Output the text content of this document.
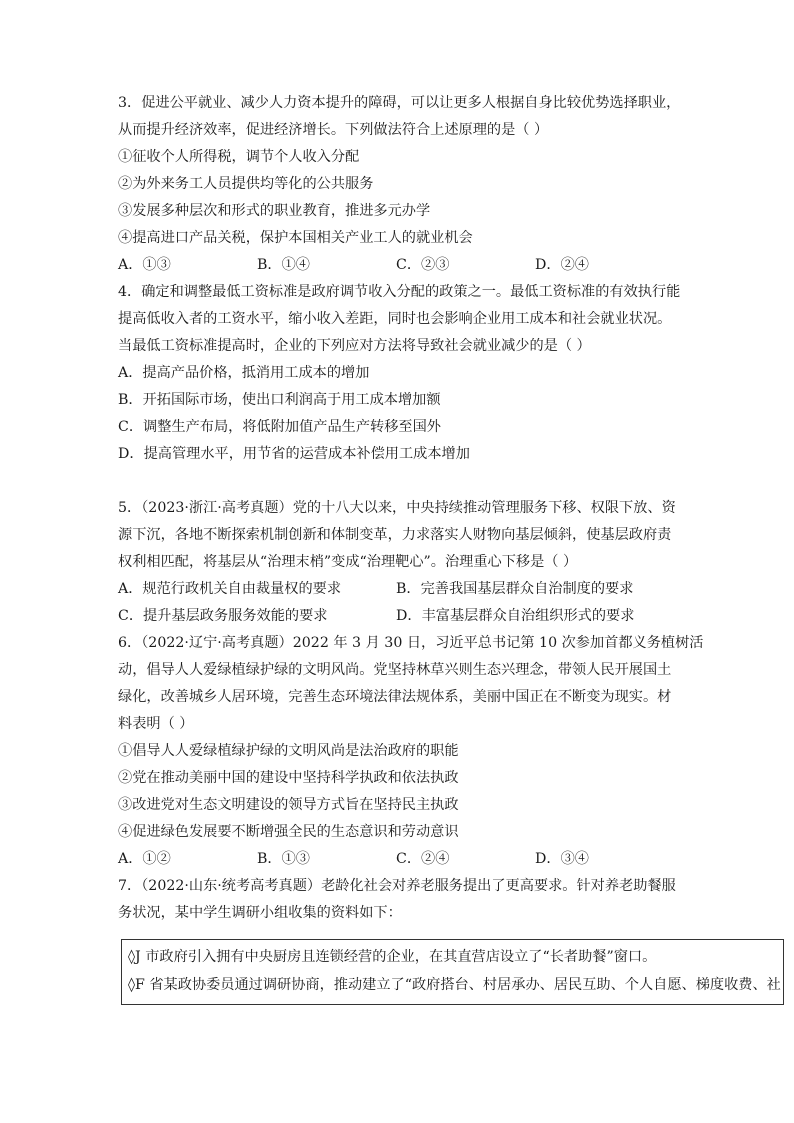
3．促进公平就业、减少人力资本提升的障碍，可以让更多人根据自身比较优势选择职业，
从而提升经济效率，促进经济增长。下列做法符合上述原理的是（ ）
①征收个人所得税，调节个人收入分配
②为外来务工人员提供均等化的公共服务
③发展多种层次和形式的职业教育，推进多元办学
④提高进口产品关税，保护本国相关产业工人的就业机会
A．①③	B．①④	C．②③	D．②④
4．确定和调整最低工资标准是政府调节收入分配的政策之一。最低工资标准的有效执行能
提高低收入者的工资水平，缩小收入差距，同时也会影响企业用工成本和社会就业状况。
当最低工资标准提高时，企业的下列应对方法将导致社会就业减少的是（ ）
A．提高产品价格，抵消用工成本的增加
B．开拓国际市场，使出口利润高于用工成本增加额
C．调整生产布局，将低附加值产品生产转移至国外
D．提高管理水平，用节省的运营成本补偿用工成本增加
5．（2023·浙江·高考真题）党的十八大以来，中央持续推动管理服务下移、权限下放、资
源下沉，各地不断探索机制创新和体制变革，力求落实人财物向基层倾斜，使基层政府责
权利相匹配，将基层从“治理末梢”变成“治理靶心”。治理重心下移是（ ）
A．规范行政机关自由裁量权的要求	B．完善我国基层群众自治制度的要求
C．提升基层政务服务效能的要求	D．丰富基层群众自治组织形式的要求
6．（2022·辽宁·高考真题）2022 年 3 月 30 日，习近平总书记第 10 次参加首都义务植树活
动，倡导人人爱绿植绿护绿的文明风尚。党坚持林草兴则生态兴理念，带领人民开展国土
绿化，改善城乡人居环境，完善生态环境法律法规体系，美丽中国正在不断变为现实。材
料表明（ ）
①倡导人人爱绿植绿护绿的文明风尚是法治政府的职能
②党在推动美丽中国的建设中坚持科学执政和依法执政
③改进党对生态文明建设的领导方式旨在坚持民主执政
④促进绿色发展要不断增强全民的生态意识和劳动意识
A．①②	B．①③	C．②④	D．③④
7．（2022·山东·统考高考真题）老龄化社会对养老服务提出了更高要求。针对养老助餐服
务状况，某中学生调研小组收集的资料如下：
◊J 市政府引入拥有中央厨房且连锁经营的企业，在其直营店设立了“长者助餐”窗口。
◊F 省某政协委员通过调研协商，推动建立了“政府搭台、村居承办、居民互助、个人自愿、梯度收费、社
